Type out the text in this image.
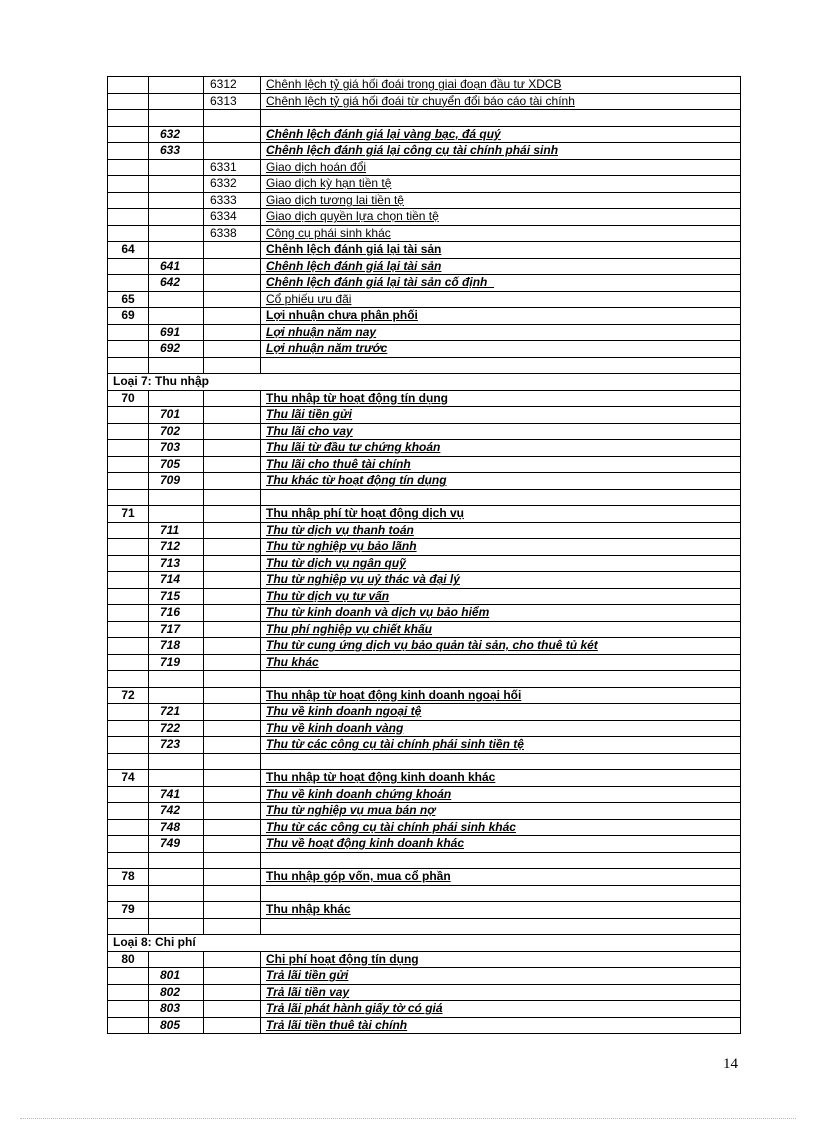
		6312	Chênh lệch tỷ giá hối đoái trong giai đoạn đầu tư XDCB
		6313	Chênh lệch tỷ giá hối đoái từ chuyển đổi báo cáo tài chính

	632		Chênh lệch đánh giá lại vàng bạc, đá quý
	633		Chênh lệch đánh giá lại công cụ tài chính phái sinh
		6331	Giao dịch hoán đổi
		6332	Giao dịch kỳ hạn tiền tệ
		6333	Giao dịch tương lai tiền tệ
		6334	Giao dịch quyền lựa chọn tiền tệ
		6338	Công cụ phái sinh khác
64			Chênh lệch đánh giá lại tài sản
	641		Chênh lệch đánh giá lại tài sản
	642		Chênh lệch đánh giá lại tài sản cố định_
65			Cổ phiếu ưu đãi
69			Lợi nhuận chưa phân phối
	691		Lợi nhuận năm nay
	692		Lợi nhuận năm trước

Loại 7: Thu nhập			
70			Thu nhập từ hoạt động tín dụng
	701		Thu lãi tiền gửi
	702		Thu lãi cho vay
	703		Thu lãi từ đầu tư chứng khoán
	705		Thu lãi cho thuê tài chính
	709		Thu khác từ hoạt động tín dụng

71			Thu nhập phí từ hoạt động dịch vụ
	711		Thu từ dịch vụ thanh toán
	712		Thu từ nghiệp vụ bảo lãnh
	713		Thu từ dịch vụ ngân quỹ
	714		Thu từ nghiệp vụ uỷ thác và đại lý
	715		Thu từ dịch vụ tư vấn
	716		Thu từ kinh doanh và dịch vụ bảo hiểm
	717		Thu phí nghiệp vụ chiết khấu
	718		Thu từ cung ứng dịch vụ bảo quản tài sản, cho thuê tủ két
	719		Thu khác

72			Thu nhập từ hoạt động kinh doanh ngoại hối
	721		Thu về kinh doanh ngoại tệ
	722		Thu về kinh doanh vàng
	723		Thu từ các công cụ tài chính phái sinh tiền tệ

74			Thu nhập từ hoạt động kinh doanh khác
	741		Thu về kinh doanh chứng khoán
	742		Thu từ nghiệp vụ mua bán nợ
	748		Thu từ các công cụ tài chính phái sinh khác
	749		Thu về hoạt động kinh doanh khác

78			Thu nhập góp vốn, mua cổ phần

79			Thu nhập khác

Loại 8: Chi phí			
80			Chi phí hoạt động tín dụng
	801		Trả lãi tiền gửi
	802		Trả lãi tiền vay
	803		Trả lãi phát hành giấy tờ có giá
	805		Trả lãi tiền thuê tài chính
14
